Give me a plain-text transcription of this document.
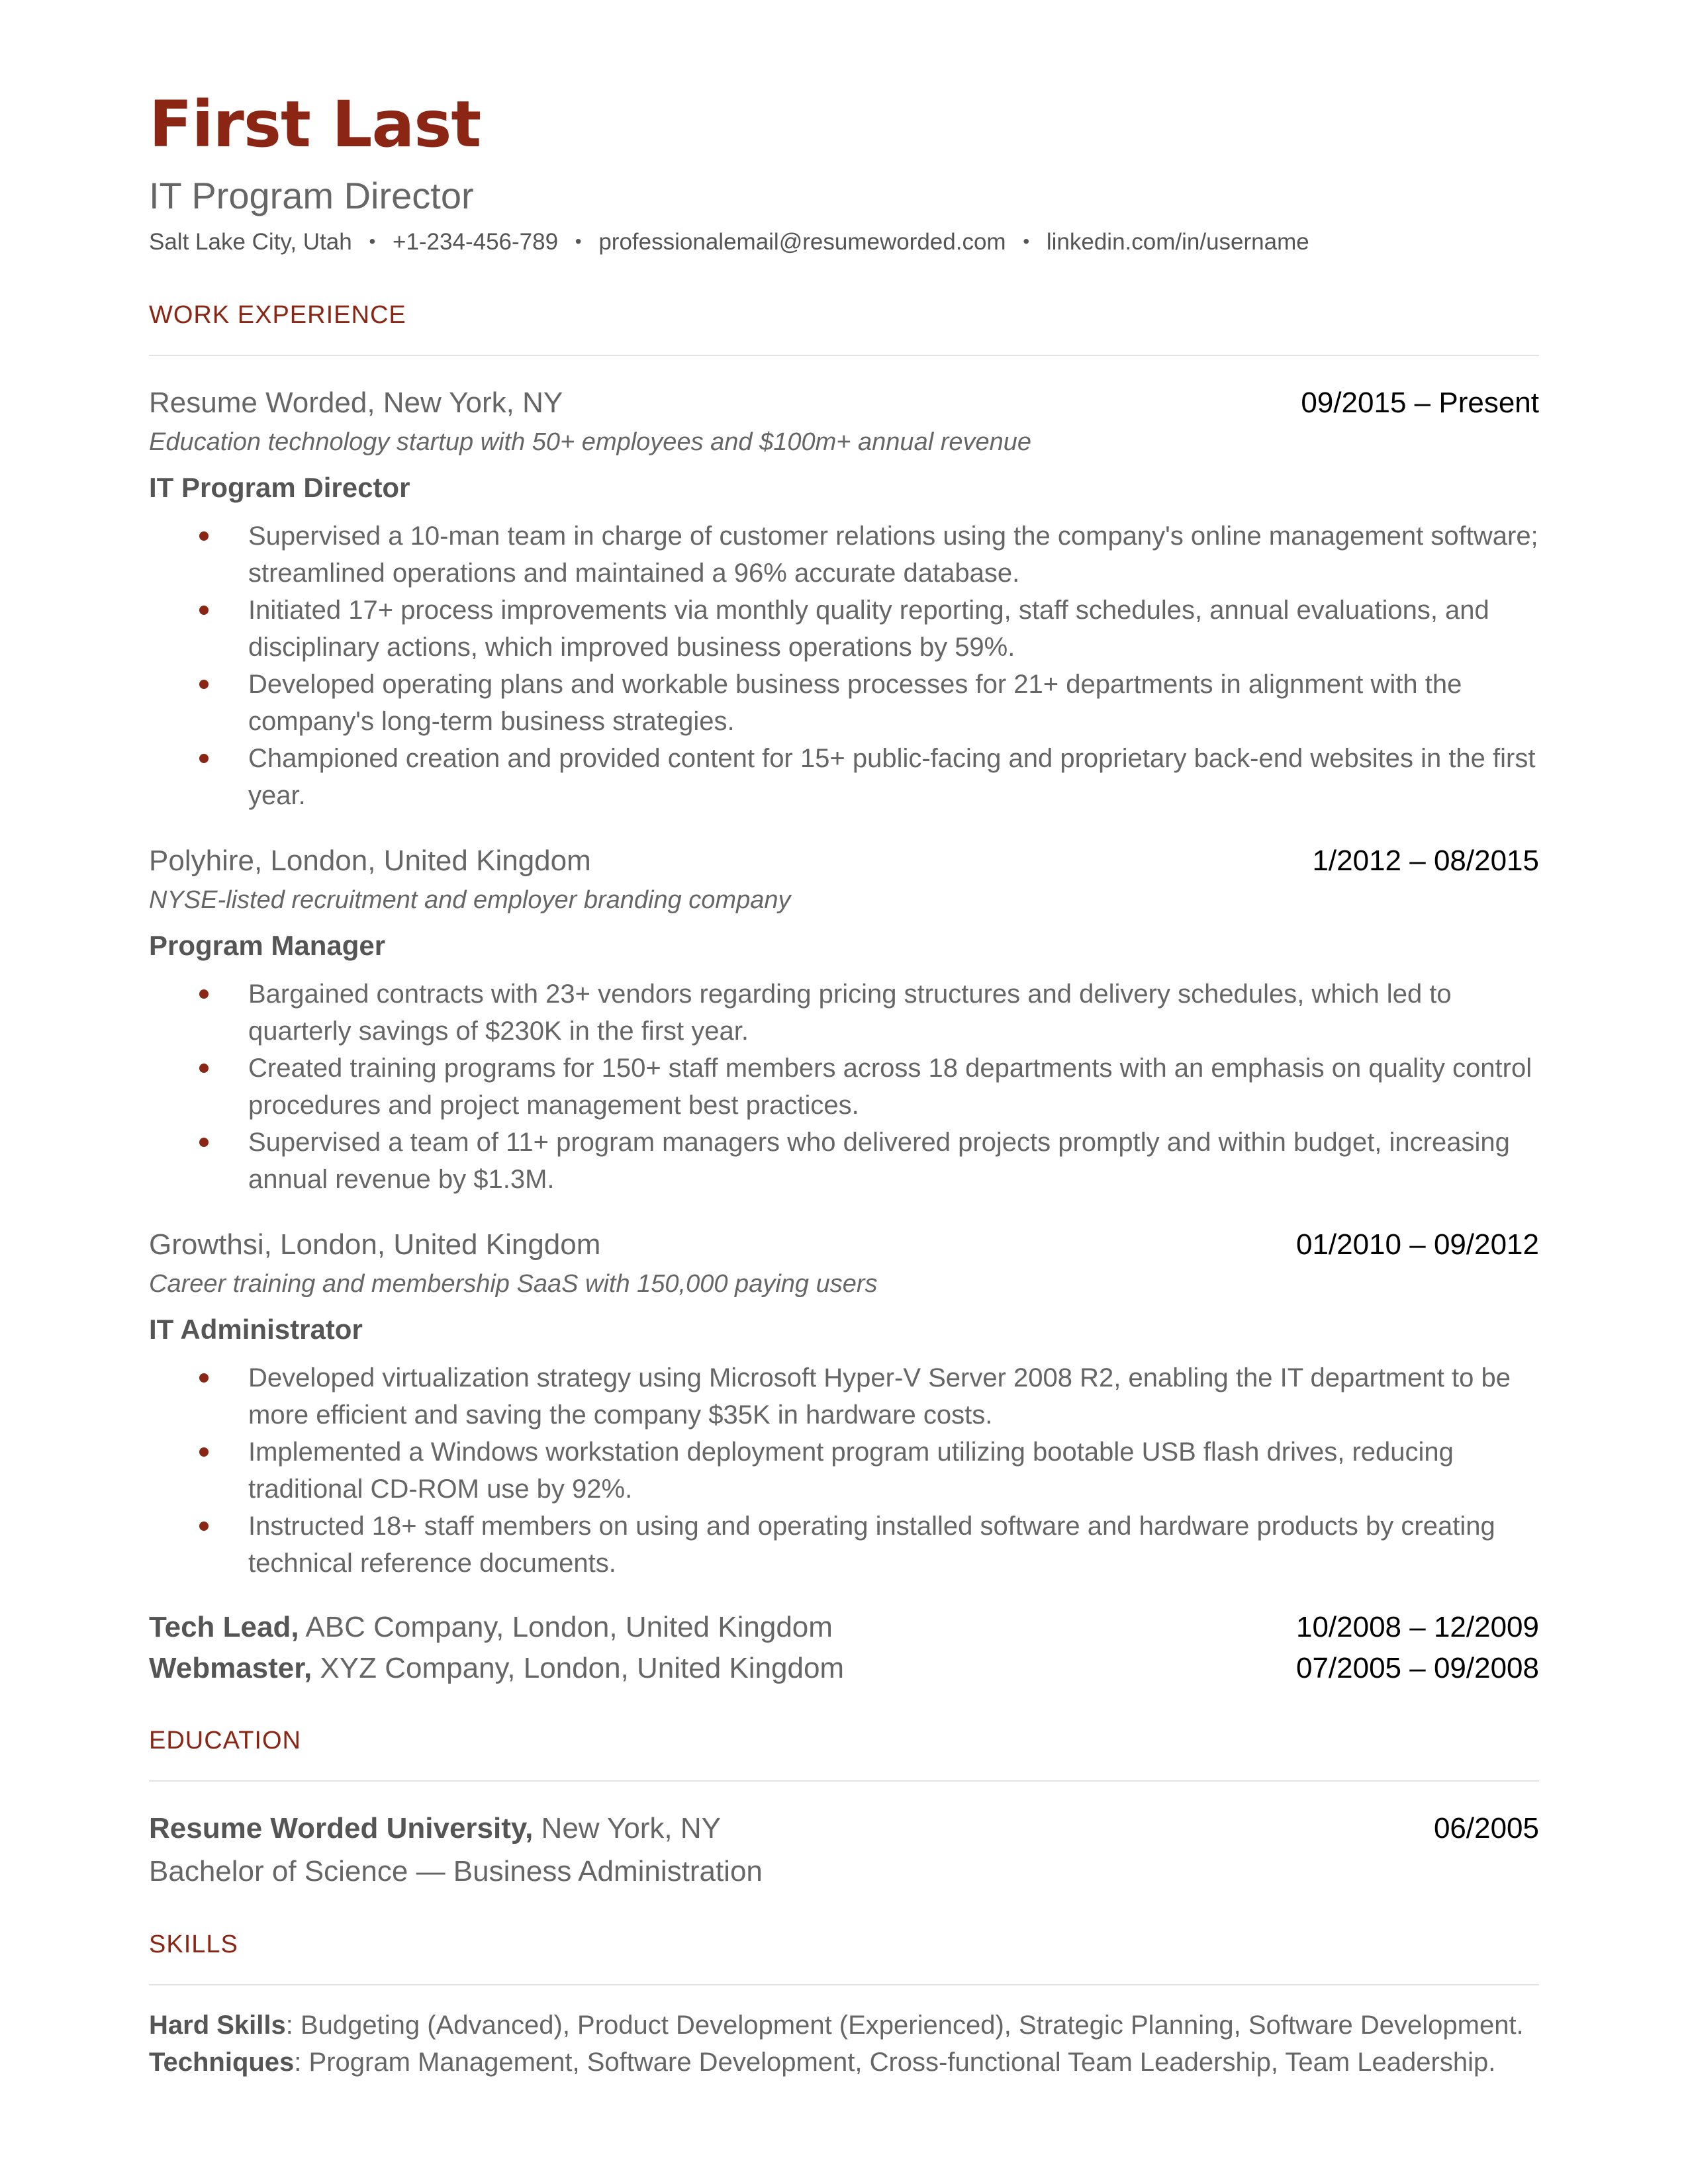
First Last
IT Program Director
Salt Lake City, Utah • +1-234-456-789 • professionalemail@resumeworded.com • linkedin.com/in/username
WORK EXPERIENCE
Resume Worded, New York, NY	09/2015 – Present
Education technology startup with 50+ employees and $100m+ annual revenue
IT Program Director
Supervised a 10-man team in charge of customer relations using the company's online management software; streamlined operations and maintained a 96% accurate database.
Initiated 17+ process improvements via monthly quality reporting, staff schedules, annual evaluations, and disciplinary actions, which improved business operations by 59%.
Developed operating plans and workable business processes for 21+ departments in alignment with the company's long-term business strategies.
Championed creation and provided content for 15+ public-facing and proprietary back-end websites in the first year.
Polyhire, London, United Kingdom	1/2012 – 08/2015
NYSE-listed recruitment and employer branding company
Program Manager
Bargained contracts with 23+ vendors regarding pricing structures and delivery schedules, which led to quarterly savings of $230K in the first year.
Created training programs for 150+ staff members across 18 departments with an emphasis on quality control procedures and project management best practices.
Supervised a team of 11+ program managers who delivered projects promptly and within budget, increasing annual revenue by $1.3M.
Growthsi, London, United Kingdom	01/2010 – 09/2012
Career training and membership SaaS with 150,000 paying users
IT Administrator
Developed virtualization strategy using Microsoft Hyper-V Server 2008 R2, enabling the IT department to be more efficient and saving the company $35K in hardware costs.
Implemented a Windows workstation deployment program utilizing bootable USB flash drives, reducing traditional CD-ROM use by 92%.
Instructed 18+ staff members on using and operating installed software and hardware products by creating technical reference documents.
Tech Lead, ABC Company, London, United Kingdom	10/2008 – 12/2009
Webmaster, XYZ Company, London, United Kingdom	07/2005 – 09/2008
EDUCATION
Resume Worded University, New York, NY	06/2005
Bachelor of Science — Business Administration
SKILLS
Hard Skills: Budgeting (Advanced), Product Development (Experienced), Strategic Planning, Software Development.
Techniques: Program Management, Software Development, Cross-functional Team Leadership, Team Leadership.
